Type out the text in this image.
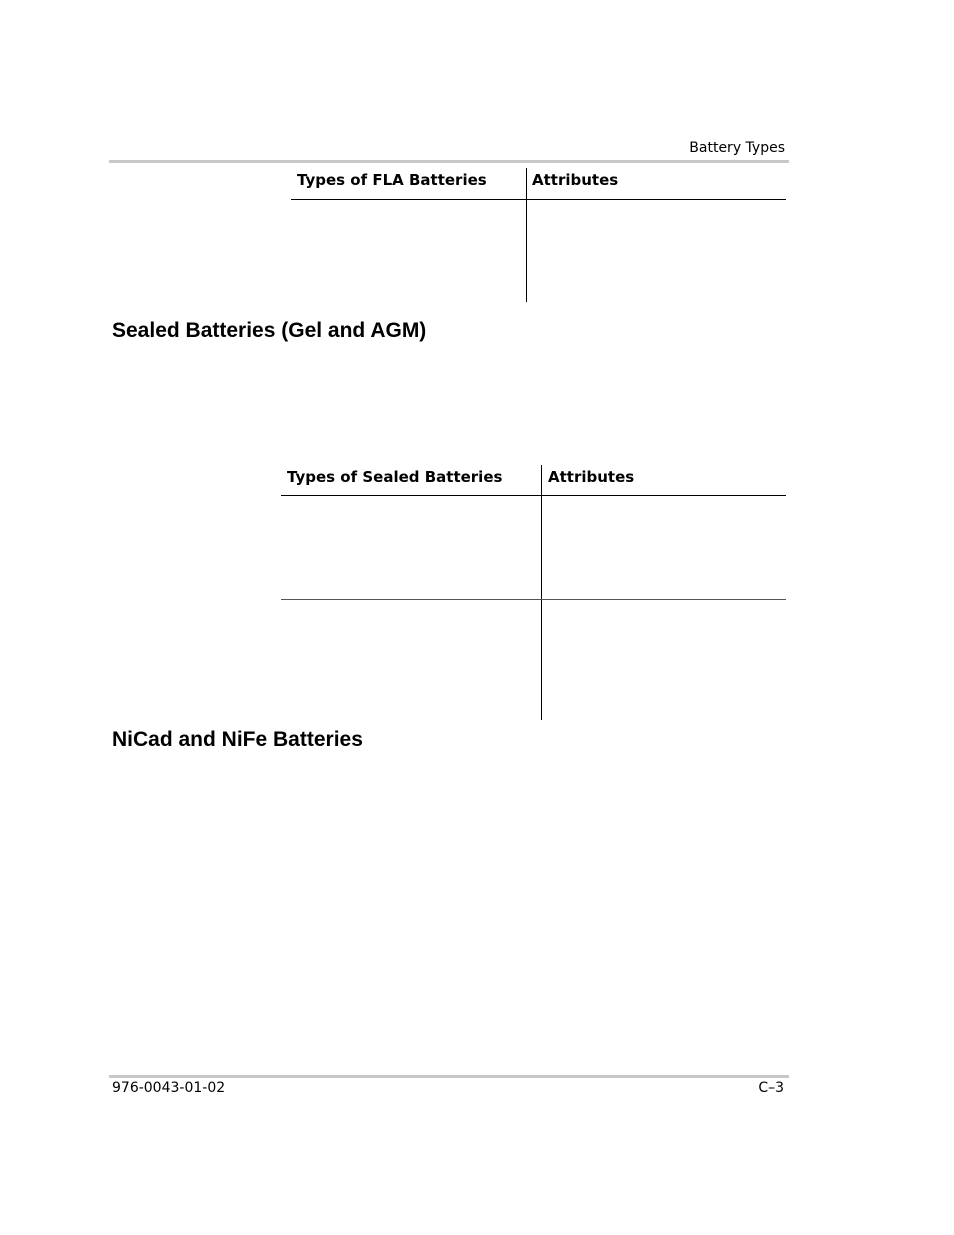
Battery Types
Types of FLA Batteries	Attributes
Sealed Batteries (Gel and AGM)
Types of Sealed Batteries	Attributes
NiCad and NiFe Batteries
976-0043-01-02	C–3
